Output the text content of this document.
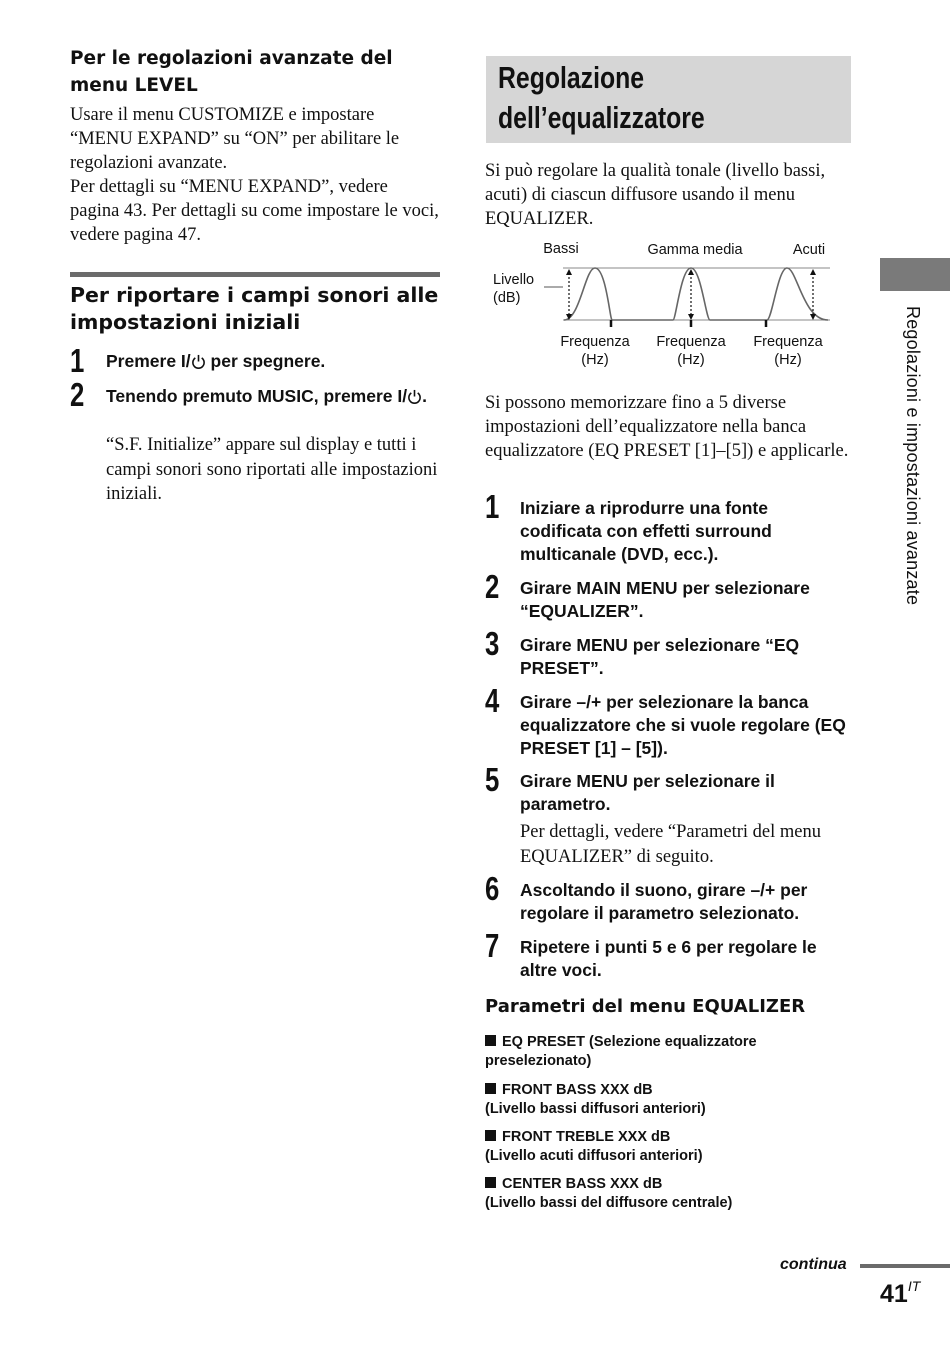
Per le regolazioni avanzate del menu LEVEL
Usare il menu CUSTOMIZE e impostare “MENU EXPAND” su “ON” per abilitare le regolazioni avanzate.
Per dettagli su “MENU EXPAND”, vedere pagina 43. Per dettagli su come impostare le voci, vedere pagina 47.
Per riportare i campi sonori alle impostazioni iniziali
1 Premere I/ per spegnere.
2 Tenendo premuto MUSIC, premere I/ .
“S.F. Initialize” appare sul display e tutti i campi sonori sono riportati alle impostazioni iniziali.
Regolazione
dell’equalizzatore
Si può regolare la qualità tonale (livello bassi, acuti) di ciascun diffusore usando il menu EQUALIZER.
Bassi	Gamma media	Acuti
Livello
(dB)
Frequenza
(Hz)
Frequenza
(Hz)
Frequenza
(Hz)
Si possono memorizzare fino a 5 diverse impostazioni dell’equalizzatore nella banca equalizzatore (EQ PRESET [1]–[5]) e applicarle.
1 Iniziare a riprodurre una fonte codificata con effetti surround multicanale (DVD, ecc.).
2 Girare MAIN MENU per selezionare “EQUALIZER”.
3 Girare MENU per selezionare “EQ PRESET”.
4 Girare –/+ per selezionare la banca equalizzatore che si vuole regolare (EQ PRESET [1] – [5]).
5 Girare MENU per selezionare il parametro.
Per dettagli, vedere “Parametri del menu EQUALIZER” di seguito.
6 Ascoltando il suono, girare –/+ per regolare il parametro selezionato.
7 Ripetere i punti 5 e 6 per regolare le altre voci.
Parametri del menu EQUALIZER
EQ PRESET (Selezione equalizzatore
preselezionato)
FRONT BASS XXX dB
(Livello bassi diffusori anteriori)
FRONT TREBLE XXX dB
(Livello acuti diffusori anteriori)
CENTER BASS XXX dB
(Livello bassi del diffusore centrale)
Regolazioni e impostazioni avanzate
continua
$41^{IT}$
